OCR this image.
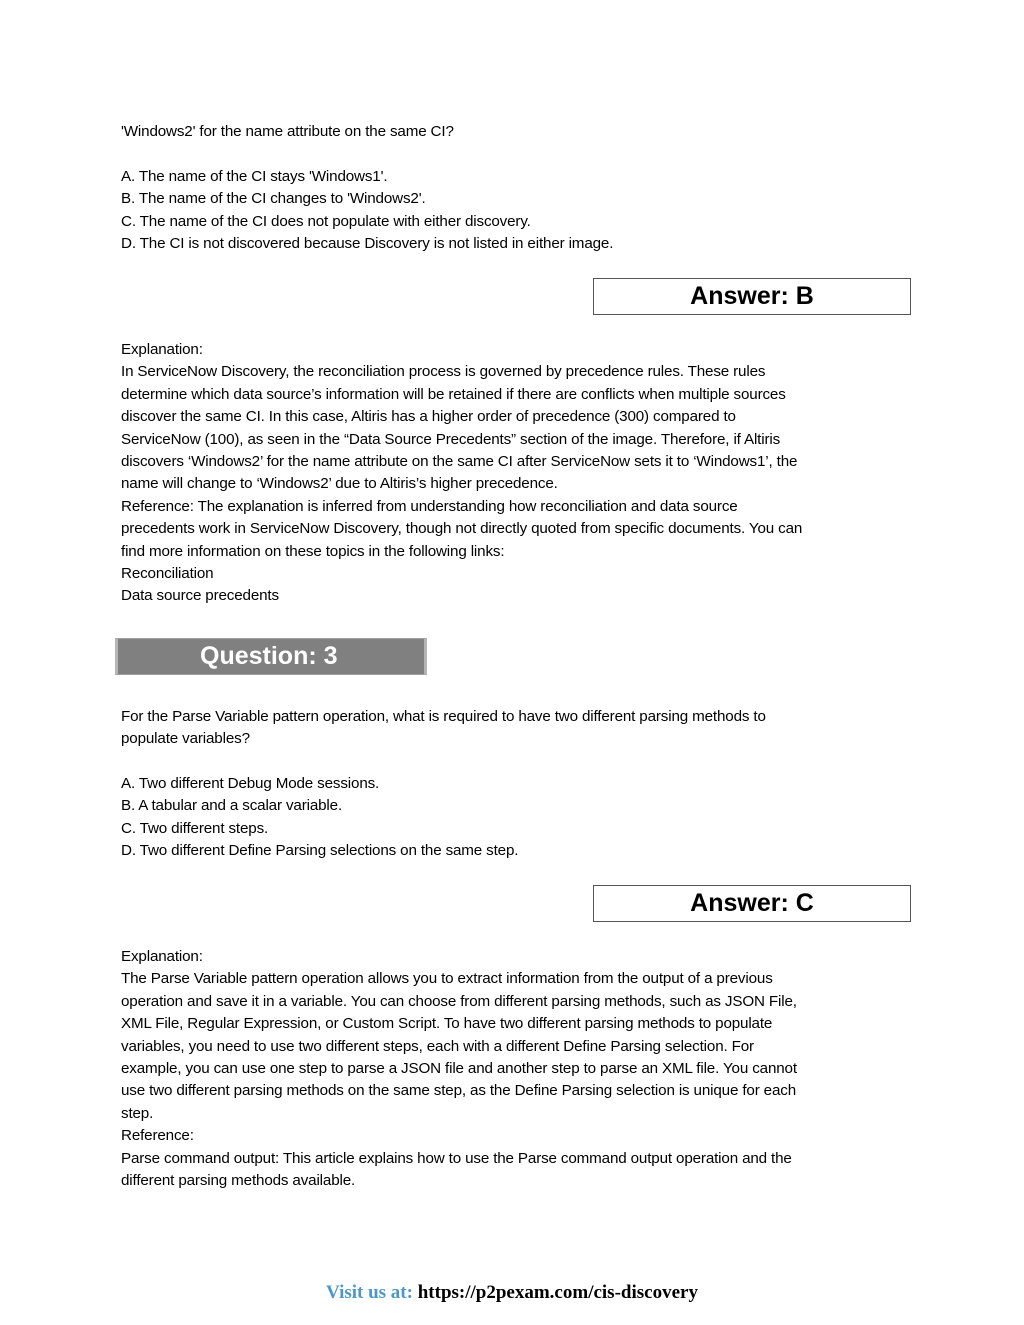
'Windows2' for the name attribute on the same CI?
A. The name of the CI stays 'Windows1'.
B. The name of the CI changes to 'Windows2'.
C. The name of the CI does not populate with either discovery.
D. The CI is not discovered because Discovery is not listed in either image.
Answer: B
Explanation:
In ServiceNow Discovery, the reconciliation process is governed by precedence rules. These rules
determine which data source’s information will be retained if there are conflicts when multiple sources
discover the same CI. In this case, Altiris has a higher order of precedence (300) compared to
ServiceNow (100), as seen in the “Data Source Precedents” section of the image. Therefore, if Altiris
discovers ‘Windows2’ for the name attribute on the same CI after ServiceNow sets it to ‘Windows1’, the
name will change to ‘Windows2’ due to Altiris’s higher precedence.
Reference: The explanation is inferred from understanding how reconciliation and data source
precedents work in ServiceNow Discovery, though not directly quoted from specific documents. You can
find more information on these topics in the following links:
Reconciliation
Data source precedents
Question: 3
For the Parse Variable pattern operation, what is required to have two different parsing methods to
populate variables?
A. Two different Debug Mode sessions.
B. A tabular and a scalar variable.
C. Two different steps.
D. Two different Define Parsing selections on the same step.
Answer: C
Explanation:
The Parse Variable pattern operation allows you to extract information from the output of a previous
operation and save it in a variable. You can choose from different parsing methods, such as JSON File,
XML File, Regular Expression, or Custom Script. To have two different parsing methods to populate
variables, you need to use two different steps, each with a different Define Parsing selection. For
example, you can use one step to parse a JSON file and another step to parse an XML file. You cannot
use two different parsing methods on the same step, as the Define Parsing selection is unique for each
step.
Reference:
Parse command output: This article explains how to use the Parse command output operation and the
different parsing methods available.
Visit us at: https://p2pexam.com/cis-discovery
